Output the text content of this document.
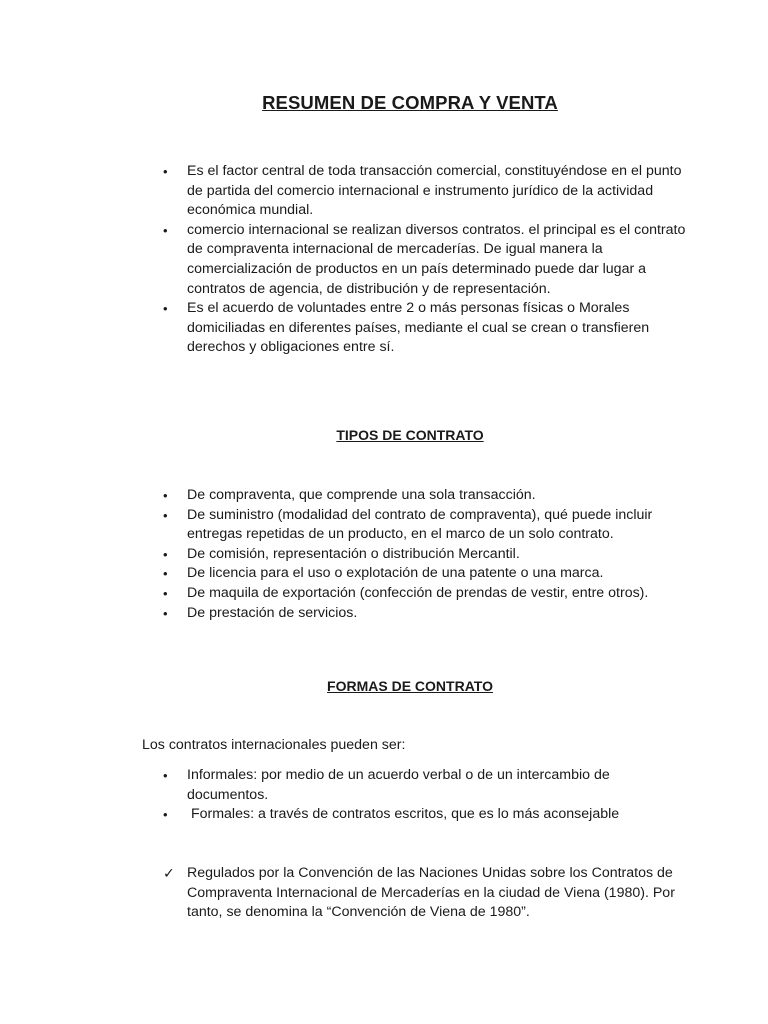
RESUMEN DE COMPRA Y VENTA
• Es el factor central de toda transacción comercial, constituyéndose en el punto de partida del comercio internacional e instrumento jurídico de la actividad económica mundial.
• comercio internacional se realizan diversos contratos. el principal es el contrato de compraventa internacional de mercaderías. De igual manera la comercialización de productos en un país determinado puede dar lugar a contratos de agencia, de distribución y de representación.
• Es el acuerdo de voluntades entre 2 o más personas físicas o Morales domiciliadas en diferentes países, mediante el cual se crean o transfieren derechos y obligaciones entre sí.
TIPOS DE CONTRATO
• De compraventa, que comprende una sola transacción.
• De suministro (modalidad del contrato de compraventa), qué puede incluir entregas repetidas de un producto, en el marco de un solo contrato.
• De comisión, representación o distribución Mercantil.
• De licencia para el uso o explotación de una patente o una marca.
• De maquila de exportación (confección de prendas de vestir, entre otros).
• De prestación de servicios.
FORMAS DE CONTRATO

Los contratos internacionales pueden ser:

• Informales: por medio de un acuerdo verbal o de un intercambio de documentos.
• Formales: a través de contratos escritos, que es lo más aconsejable
✓ Regulados por la Convención de las Naciones Unidas sobre los Contratos de Compraventa Internacional de Mercaderías en la ciudad de Viena (1980). Por tanto, se denomina la “Convención de Viena de 1980”.
